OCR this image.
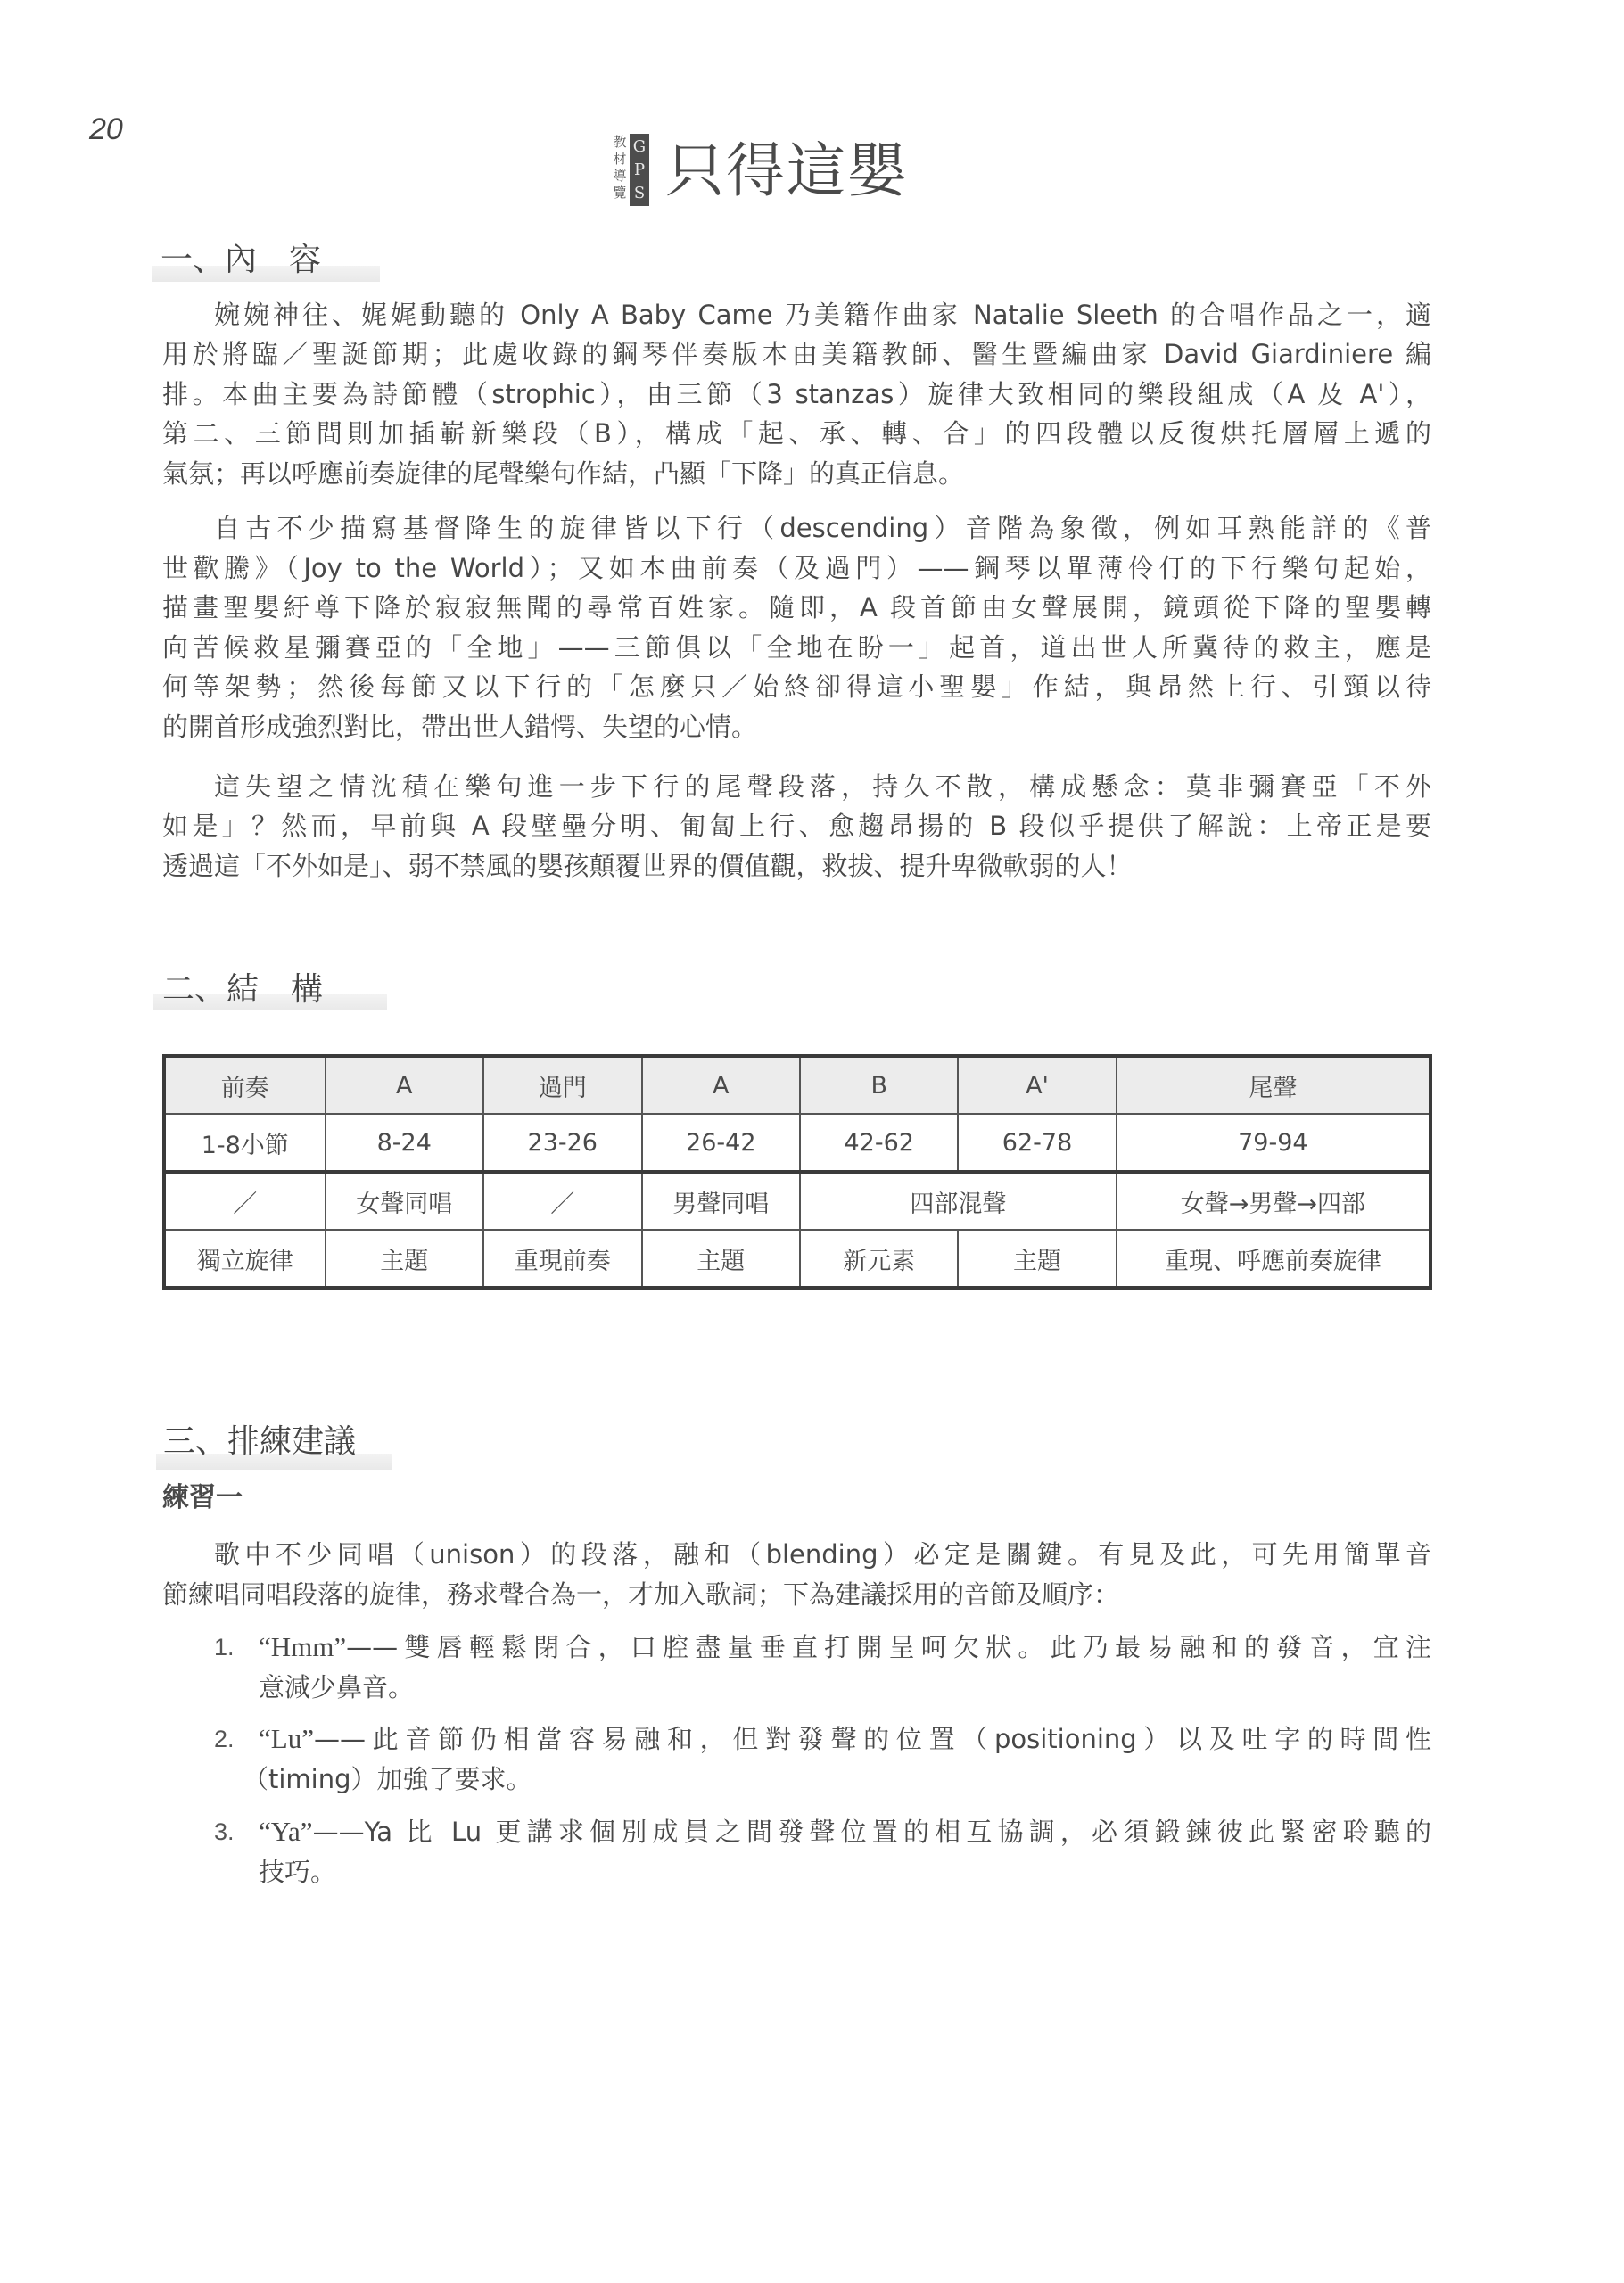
20	教
材
導
覽
G
P
S 只得這嬰
一、內　容
婉婉神往、娓娓動聽的 Only A Baby Came 乃美籍作曲家 Natalie Sleeth 的合唱作品之一，適
用於將臨／聖誕節期；此處收錄的鋼琴伴奏版本由美籍教師、醫生暨編曲家 David Giardiniere 編
排。本曲主要為詩節體（strophic），由三節（3 stanzas）旋律大致相同的樂段組成（A 及 A'），
第二、三節間則加插嶄新樂段（B），構成「起、承、轉、合」的四段體以反復烘托層層上遞的
氣氛；再以呼應前奏旋律的尾聲樂句作結，凸顯「下降」的真正信息。
自古不少描寫基督降生的旋律皆以下行（descending）音階為象徵，例如耳熟能詳的《普
世歡騰》（Joy to the World）；又如本曲前奏（及過門）——鋼琴以單薄伶仃的下行樂句起始，
描畫聖嬰紆尊下降於寂寂無聞的尋常百姓家。隨即，A 段首節由女聲展開，鏡頭從下降的聖嬰轉
向苦候救星彌賽亞的「全地」——三節俱以「全地在盼一」起首，道出世人所冀待的救主，應是
何等架勢；然後每節又以下行的「怎麼只／始終卻得這小聖嬰」作結，與昂然上行、引頸以待
的開首形成強烈對比，帶出世人錯愕、失望的心情。
這失望之情沈積在樂句進一步下行的尾聲段落，持久不散，構成懸念：莫非彌賽亞「不外
如是」？然而，早前與 A 段壁壘分明、匍匐上行、愈趨昂揚的 B 段似乎提供了解說：上帝正是要
透過這「不外如是」、弱不禁風的嬰孩顛覆世界的價值觀，救拔、提升卑微軟弱的人！
二、結　構
前奏	A	過門	A	B	A'	尾聲
1-8小節	8-24	23-26	26-42	42-62	62-78	79-94
／	女聲同唱	／	男聲同唱	四部混聲		女聲→男聲→四部
獨立旋律	主題	重現前奏	主題	新元素	主題	重現、呼應前奏旋律
三、排練建議
練習一
歌中不少同唱（unison）的段落，融和（blending）必定是關鍵。有見及此，可先用簡單音
節練唱同唱段落的旋律，務求聲合為一，才加入歌詞；下為建議採用的音節及順序：
1. “Hmm”——雙唇輕鬆閉合，口腔盡量垂直打開呈呵欠狀。此乃最易融和的發音，宜注
意減少鼻音。
2. “Lu”——此音節仍相當容易融和，但對發聲的位置（positioning）以及吐字的時間性
（timing）加強了要求。
3. “Ya”——Ya 比 Lu 更講求個別成員之間發聲位置的相互協調，必須鍛鍊彼此緊密聆聽的
技巧。
